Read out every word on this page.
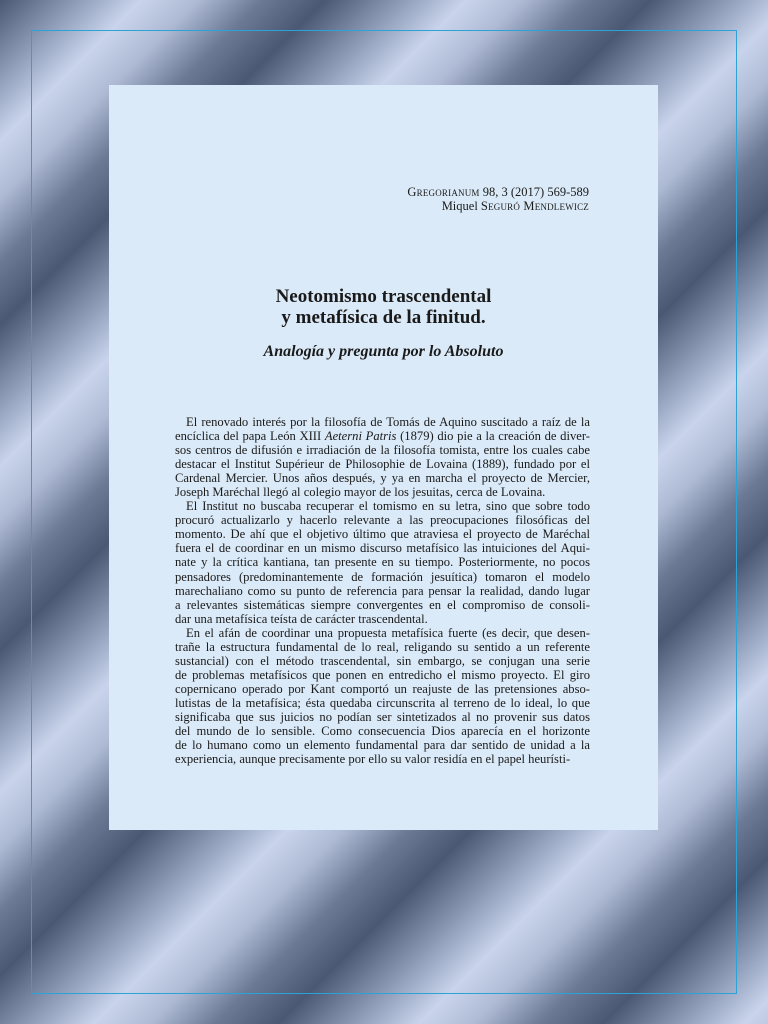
Gregorianum 98, 3 (2017) 569-589
Miquel Seguró Mendlewicz
Neotomismo trascendental
y metafísica de la finitud.
Analogía y pregunta por lo Absoluto

El renovado interés por la filosofía de Tomás de Aquino suscitado a raíz de la
encíclica del papa León XIII Aeterni Patris (1879) dio pie a la creación de diver-
sos centros de difusión e irradiación de la filosofía tomista, entre los cuales cabe
destacar el Institut Supérieur de Philosophie de Lovaina (1889), fundado por el
Cardenal Mercier. Unos años después, y ya en marcha el proyecto de Mercier,
Joseph Maréchal llegó al colegio mayor de los jesuitas, cerca de Lovaina.

El Institut no buscaba recuperar el tomismo en su letra, sino que sobre todo
procuró actualizarlo y hacerlo relevante a las preocupaciones filosóficas del
momento. De ahí que el objetivo último que atraviesa el proyecto de Maréchal
fuera el de coordinar en un mismo discurso metafísico las intuiciones del Aqui-
nate y la crítica kantiana, tan presente en su tiempo. Posteriormente, no pocos
pensadores (predominantemente de formación jesuítica) tomaron el modelo
marechaliano como su punto de referencia para pensar la realidad, dando lugar
a relevantes sistemáticas siempre convergentes en el compromiso de consoli-
dar una metafísica teísta de carácter trascendental.

En el afán de coordinar una propuesta metafísica fuerte (es decir, que desen-
trañe la estructura fundamental de lo real, religando su sentido a un referente
sustancial) con el método trascendental, sin embargo, se conjugan una serie
de problemas metafísicos que ponen en entredicho el mismo proyecto. El giro
copernicano operado por Kant comportó un reajuste de las pretensiones abso-
lutistas de la metafísica; ésta quedaba circunscrita al terreno de lo ideal, lo que
significaba que sus juicios no podían ser sintetizados al no provenir sus datos
del mundo de lo sensible. Como consecuencia Dios aparecía en el horizonte
de lo humano como un elemento fundamental para dar sentido de unidad a la
experiencia, aunque precisamente por ello su valor residía en el papel heurísti-
